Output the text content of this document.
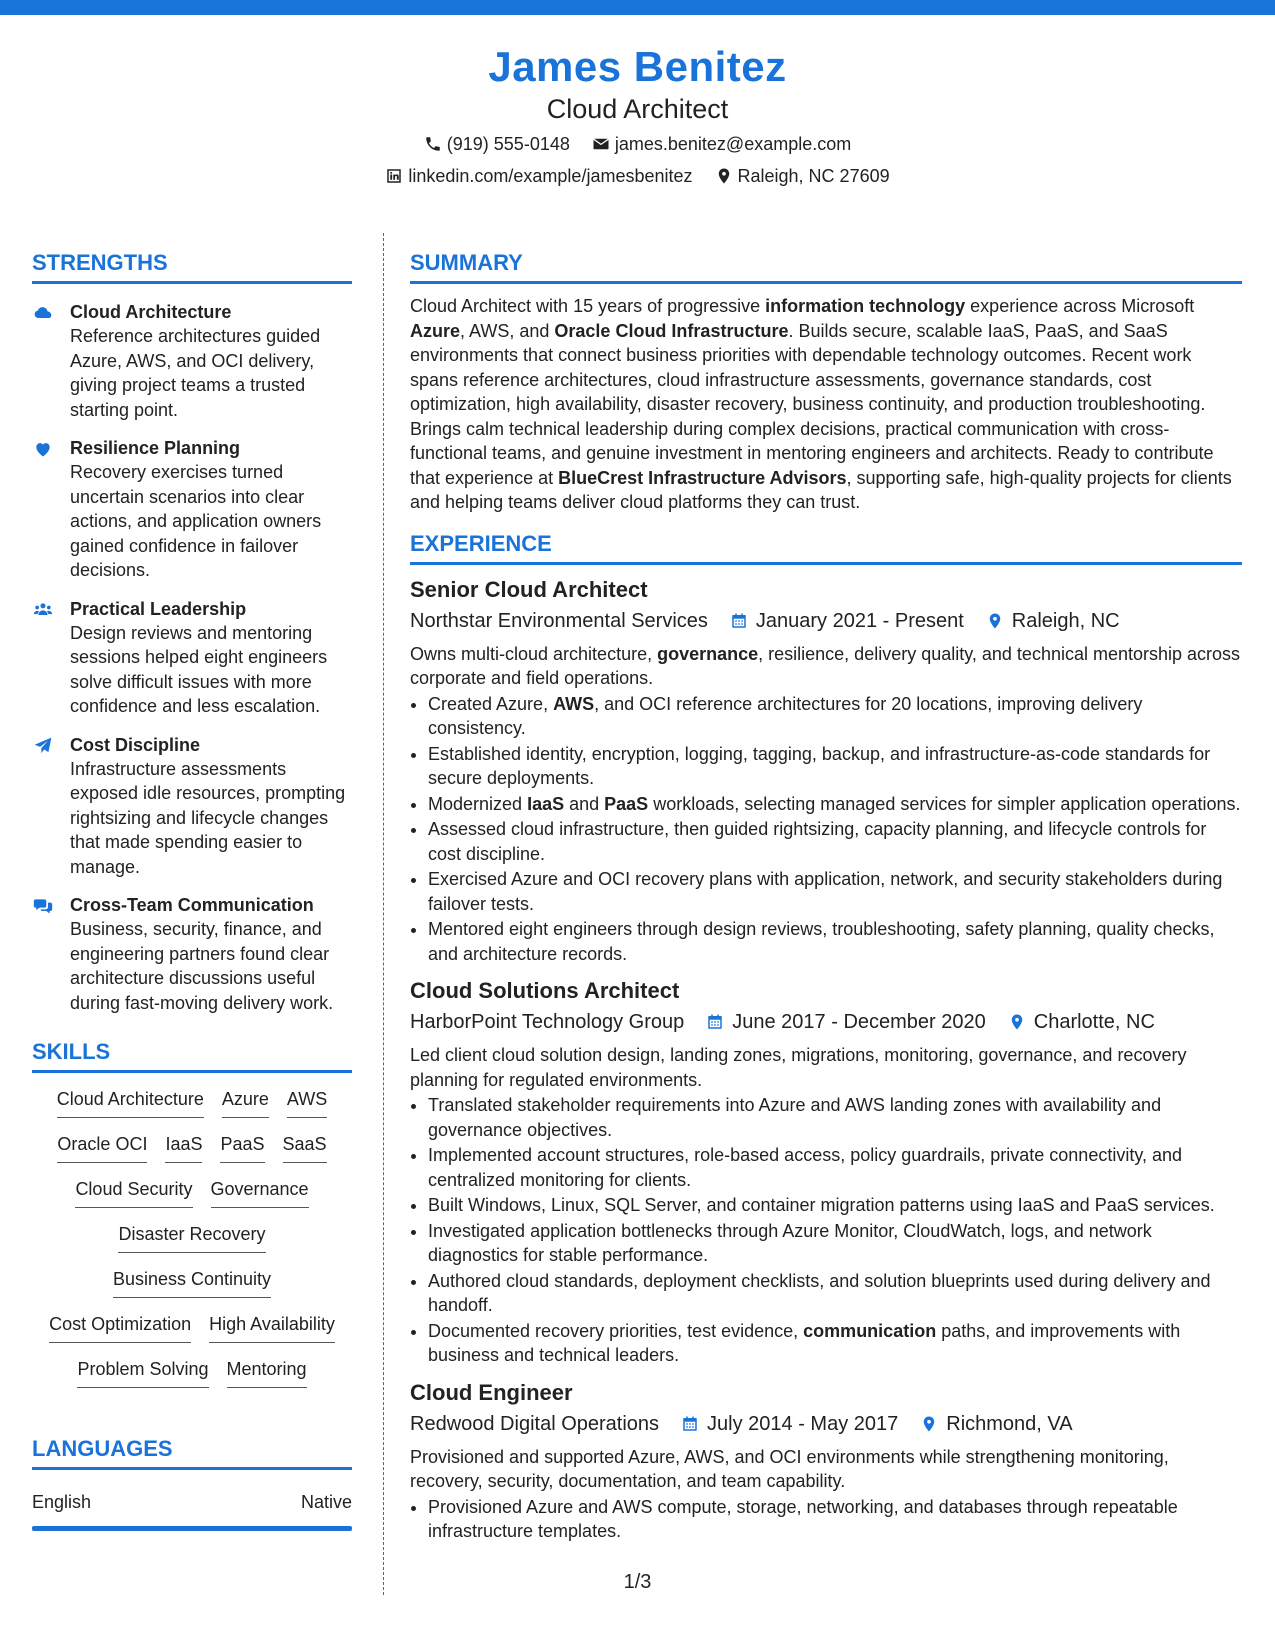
James Benitez
Cloud Architect
(919) 555-0148	james.benitez@example.com
linkedin.com/example/jamesbenitez	Raleigh, NC 27609
STRENGTHS
Cloud Architecture
Reference architectures guided Azure, AWS, and OCI delivery, giving project teams a trusted starting point.
Resilience Planning
Recovery exercises turned uncertain scenarios into clear actions, and application owners gained confidence in failover decisions.
Practical Leadership
Design reviews and mentoring sessions helped eight engineers solve difficult issues with more confidence and less escalation.
Cost Discipline
Infrastructure assessments exposed idle resources, prompting rightsizing and lifecycle changes that made spending easier to manage.
Cross-Team Communication
Business, security, finance, and engineering partners found clear architecture discussions useful during fast-moving delivery work.
SKILLS
Cloud Architecture Azure AWS
Oracle OCI IaaS PaaS SaaS
Cloud Security Governance
Disaster Recovery
Business Continuity
Cost Optimization High Availability
Problem Solving Mentoring
LANGUAGES
English	Native
SUMMARY

Cloud Architect with 15 years of progressive information technology experience across Microsoft Azure, AWS, and Oracle Cloud Infrastructure. Builds secure, scalable IaaS, PaaS, and SaaS environments that connect business priorities with dependable technology outcomes. Recent work spans reference architectures, cloud infrastructure assessments, governance standards, cost optimization, high availability, disaster recovery, business continuity, and production troubleshooting. Brings calm technical leadership during complex decisions, practical communication with cross-functional teams, and genuine investment in mentoring engineers and architects. Ready to contribute that experience at BlueCrest Infrastructure Advisors, supporting safe, high-quality projects for clients and helping teams deliver cloud platforms they can trust.

EXPERIENCE
Senior Cloud Architect
Northstar Environmental Services January 2021 - Present Raleigh, NC
Owns multi-cloud architecture, governance, resilience, delivery quality, and technical mentorship across corporate and field operations.
• Created Azure, AWS, and OCI reference architectures for 20 locations, improving delivery consistency.
• Established identity, encryption, logging, tagging, backup, and infrastructure-as-code standards for secure deployments.
• Modernized IaaS and PaaS workloads, selecting managed services for simpler application operations.
• Assessed cloud infrastructure, then guided rightsizing, capacity planning, and lifecycle controls for cost discipline.
• Exercised Azure and OCI recovery plans with application, network, and security stakeholders during failover tests.
• Mentored eight engineers through design reviews, troubleshooting, safety planning, quality checks, and architecture records.
Cloud Solutions Architect
HarborPoint Technology Group June 2017 - December 2020 Charlotte, NC
Led client cloud solution design, landing zones, migrations, monitoring, governance, and recovery planning for regulated environments.
• Translated stakeholder requirements into Azure and AWS landing zones with availability and governance objectives.
• Implemented account structures, role-based access, policy guardrails, private connectivity, and centralized monitoring for clients.
• Built Windows, Linux, SQL Server, and container migration patterns using IaaS and PaaS services.
• Investigated application bottlenecks through Azure Monitor, CloudWatch, logs, and network diagnostics for stable performance.
• Authored cloud standards, deployment checklists, and solution blueprints used during delivery and handoff.
• Documented recovery priorities, test evidence, communication paths, and improvements with business and technical leaders.
Cloud Engineer
Redwood Digital Operations July 2014 - May 2017 Richmond, VA
Provisioned and supported Azure, AWS, and OCI environments while strengthening monitoring, recovery, security, documentation, and team capability.
• Provisioned Azure and AWS compute, storage, networking, and databases through repeatable infrastructure templates.
1/3
